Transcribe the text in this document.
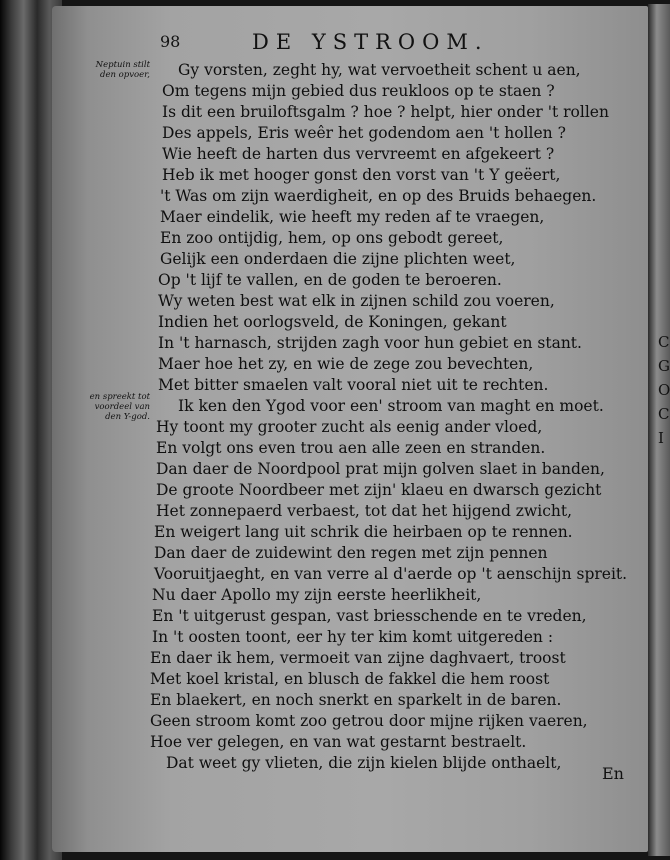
C
G
O
C
I
98	DE YSTROOM.
Neptuin stilt den opvoer,
en spreekt tot voordeel van den Y-god.
Gy vorsten, zeght hy, wat vervoetheit schent u aen,
Om tegens mijn gebied dus reukloos op te staen ?
Is dit een bruiloftsgalm ? hoe ? helpt, hier onder 't rollen
Des appels, Eris weêr het godendom aen 't hollen ?
Wie heeft de harten dus vervreemt en afgekeert ?
Heb ik met hooger gonst den vorst van 't Y geëert,
't Was om zijn waerdigheit, en op des Bruids behaegen.
Maer eindelik, wie heeft my reden af te vraegen,
En zoo ontijdig, hem, op ons gebodt gereet,
Gelijk een onderdaen die zijne plichten weet,
Op 't lijf te vallen, en de goden te beroeren.
Wy weten best wat elk in zijnen schild zou voeren,
Indien het oorlogsveld, de Koningen, gekant
In 't harnasch, strijden zagh voor hun gebiet en stant.
Maer hoe het zy, en wie de zege zou bevechten,
Met bitter smaelen valt vooral niet uit te rechten.
Ik ken den Ygod voor een' stroom van maght en moet.
Hy toont my grooter zucht als eenig ander vloed,
En volgt ons even trou aen alle zeen en stranden.
Dan daer de Noordpool prat mijn golven slaet in banden,
De groote Noordbeer met zijn' klaeu en dwarsch gezicht
Het zonnepaerd verbaest, tot dat het hijgend zwicht,
En weigert lang uit schrik die heirbaen op te rennen.
Dan daer de zuidewint den regen met zijn pennen
Vooruitjaeght, en van verre al d'aerde op 't aenschijn spreit.
Nu daer Apollo my zijn eerste heerlikheit,
En 't uitgerust gespan, vast briesschende en te vreden,
In 't oosten toont, eer hy ter kim komt uitgereden :
En daer ik hem, vermoeit van zijne daghvaert, troost
Met koel kristal, en blusch de fakkel die hem roost
En blaekert, en noch snerkt en sparkelt in de baren.
Geen stroom komt zoo getrou door mijne rijken vaeren,
Hoe ver gelegen, en van wat gestarnt bestraelt.
Dat weet gy vlieten, die zijn kielen blijde onthaelt,
En
